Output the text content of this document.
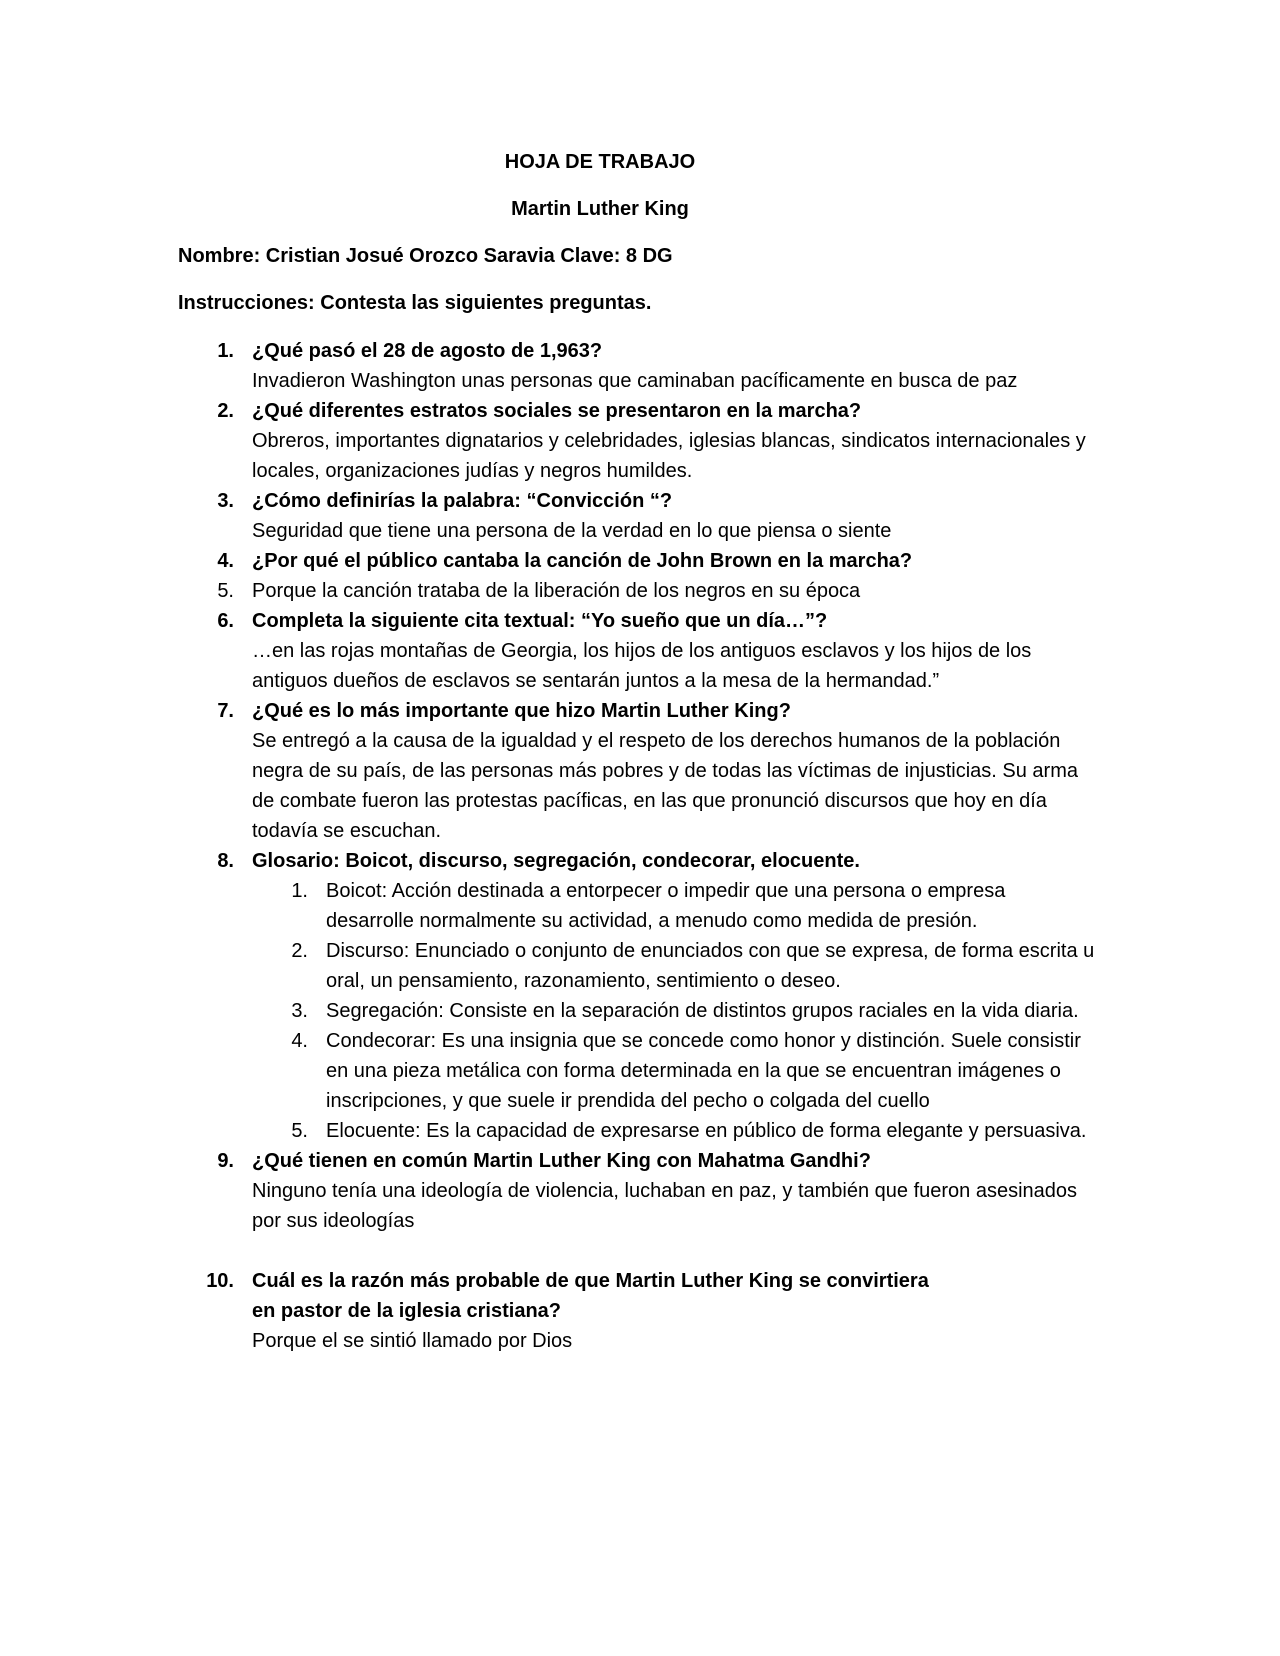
HOJA DE TRABAJO
Martin Luther King
Nombre: Cristian Josué Orozco Saravia Clave: 8 DG
Instrucciones: Contesta las siguientes preguntas.
1. ¿Qué pasó el 28 de agosto de 1,963?
Invadieron Washington unas personas que caminaban pacíficamente en busca de paz
2. ¿Qué diferentes estratos sociales se presentaron en la marcha?
Obreros, importantes dignatarios y celebridades, iglesias blancas, sindicatos internacionales y locales, organizaciones judías y negros humildes.
3. ¿Cómo definirías la palabra: “Convicción “?
Seguridad que tiene una persona de la verdad en lo que piensa o siente
4. ¿Por qué el público cantaba la canción de John Brown en la marcha?
5. Porque la canción trataba de la liberación de los negros en su época
6. Completa la siguiente cita textual: “Yo sueño que un día…”?
…en las rojas montañas de Georgia, los hijos de los antiguos esclavos y los hijos de los antiguos dueños de esclavos se sentarán juntos a la mesa de la hermandad.”
7. ¿Qué es lo más importante que hizo Martin Luther King?
Se entregó a la causa de la igualdad y el respeto de los derechos humanos de la población negra de su país, de las personas más pobres y de todas las víctimas de injusticias. Su arma de combate fueron las protestas pacíficas, en las que pronunció discursos que hoy en día todavía se escuchan.
8. Glosario: Boicot, discurso, segregación, condecorar, elocuente.
1. Boicot: Acción destinada a entorpecer o impedir que una persona o empresa desarrolle normalmente su actividad, a menudo como medida de presión.
2. Discurso: Enunciado o conjunto de enunciados con que se expresa, de forma escrita u oral, un pensamiento, razonamiento, sentimiento o deseo.
3. Segregación: Consiste en la separación de distintos grupos raciales en la vida diaria.
4. Condecorar: Es una insignia que se concede como honor y distinción. Suele consistir en una pieza metálica con forma determinada en la que se encuentran imágenes o inscripciones, y que suele ir prendida del pecho o colgada del cuello
5. Elocuente: Es la capacidad de expresarse en público de forma elegante y persuasiva.
9. ¿Qué tienen en común Martin Luther King con Mahatma Gandhi?
Ninguno tenía una ideología de violencia, luchaban en paz, y también que fueron asesinados por sus ideologías
10. Cuál es la razón más probable de que Martin Luther King se convirtiera
en pastor de la iglesia cristiana?
Porque el se sintió llamado por Dios
